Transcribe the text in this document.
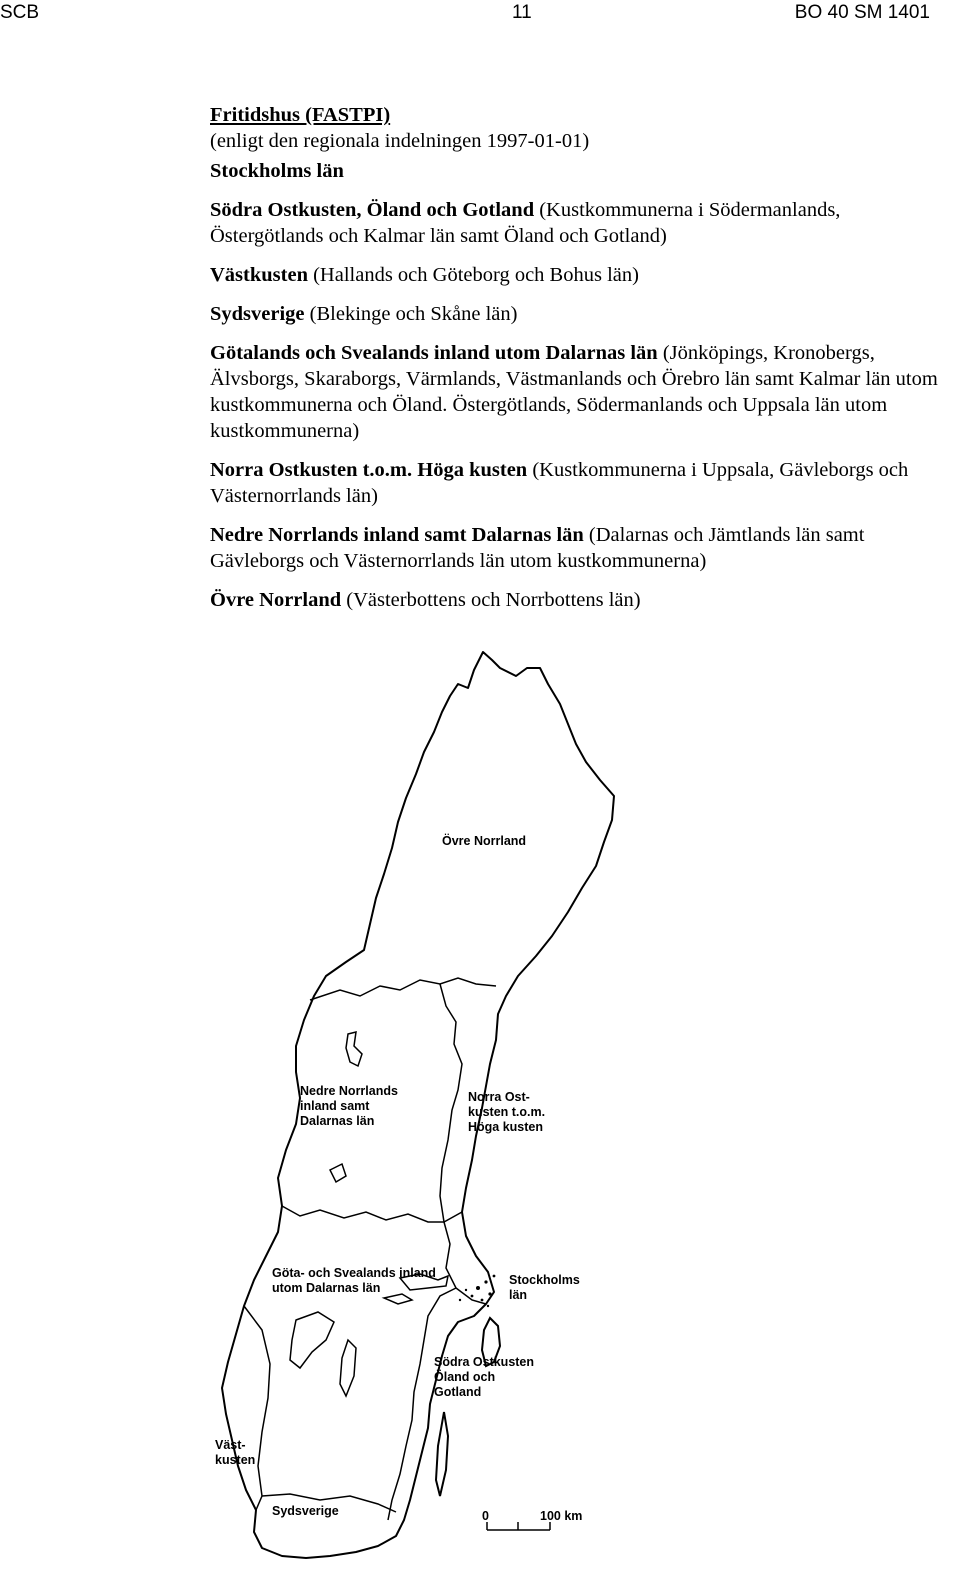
SCB	11	BO 40 SM 1401

Fritidshus (FASTPI)
(enligt den regionala indelningen 1997-01-01)

Stockholms län

Södra Ostkusten, Öland och Gotland (Kustkommunerna i Södermanlands, Östergötlands och Kalmar län samt Öland och Gotland)

Västkusten (Hallands och Göteborg och Bohus län)

Sydsverige (Blekinge och Skåne län)

Götalands och Svealands inland utom Dalarnas län (Jönköpings, Kronobergs, Älvsborgs, Skaraborgs, Värmlands, Västmanlands och Örebro län samt Kalmar län utom kustkommunerna och Öland. Östergötlands, Södermanlands och Uppsala län utom kustkommunerna)

Norra Ostkusten t.o.m. Höga kusten (Kustkommunerna i Uppsala, Gävleborgs och Västernorrlands län)

Nedre Norrlands inland samt Dalarnas län (Dalarnas och Jämtlands län samt Gävleborgs och Västernorrlands län utom kustkommunerna)

Övre Norrland (Västerbottens och Norrbottens län)

Övre Norrland
Nedre Norrlands inland samt Dalarnas län
Norra Ost- kusten t.o.m. Höga kusten
Göta- och Svealands inland utom Dalarnas län
Stockholms län
Södra Ostkusten Öland och Gotland
Väst- kusten
Sydsverige	0	100 km
